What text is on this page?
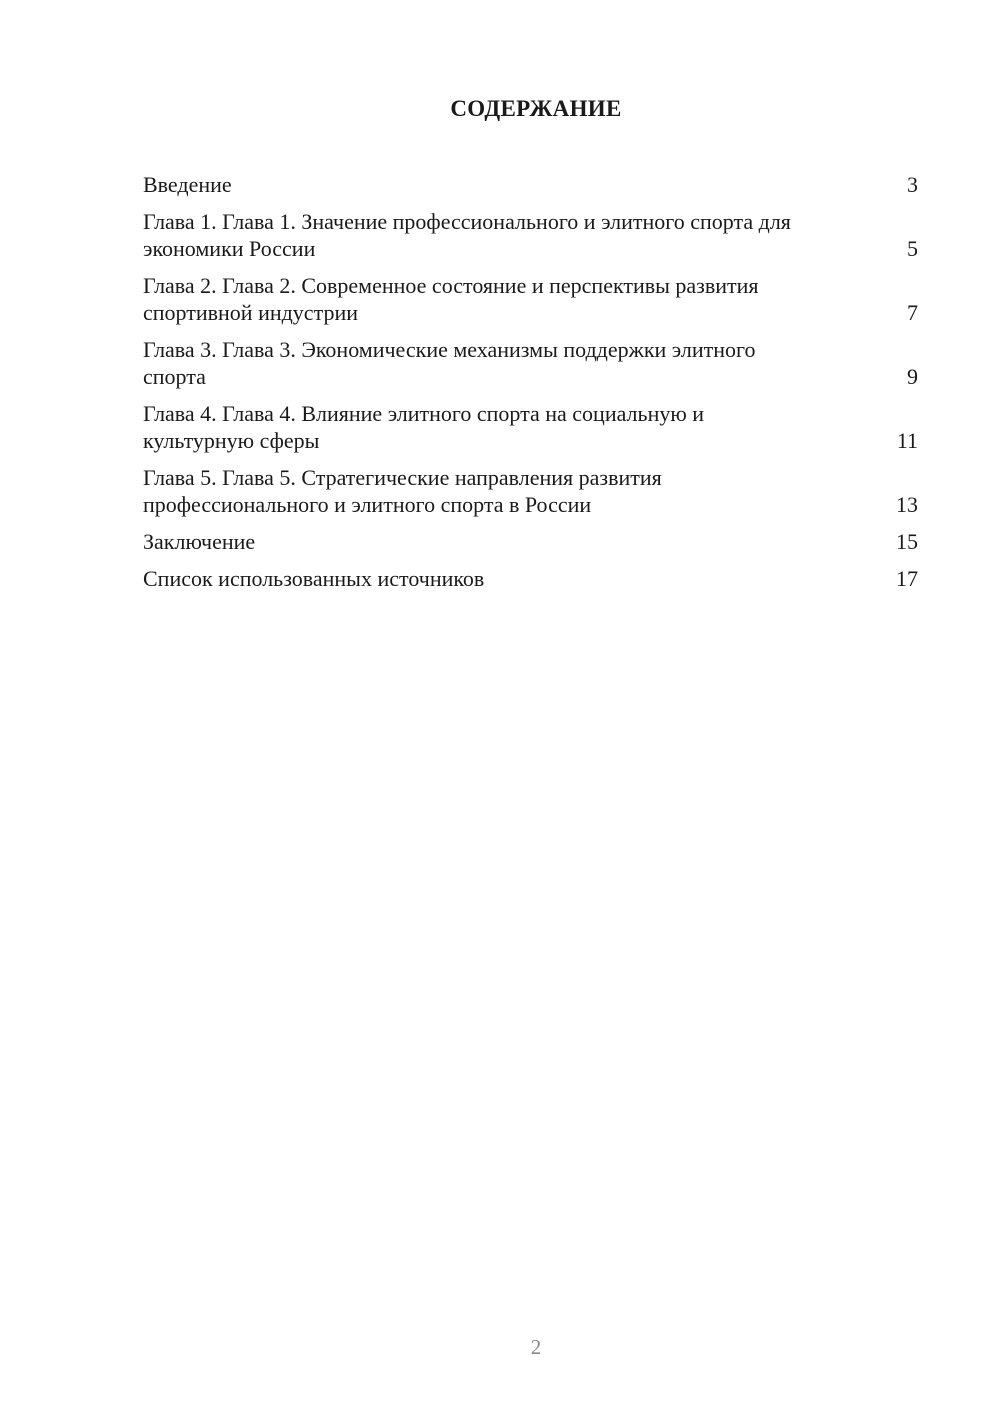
СОДЕРЖАНИЕ
Введение	3
Глава 1. Глава 1. Значение профессионального и элитного спорта для экономики России	5
Глава 2. Глава 2. Современное состояние и перспективы развития спортивной индустрии	7
Глава 3. Глава 3. Экономические механизмы поддержки элитного спорта	9
Глава 4. Глава 4. Влияние элитного спорта на социальную и культурную сферы	11
Глава 5. Глава 5. Стратегические направления развития профессионального и элитного спорта в России	13
Заключение	15
Список использованных источников	17
2
